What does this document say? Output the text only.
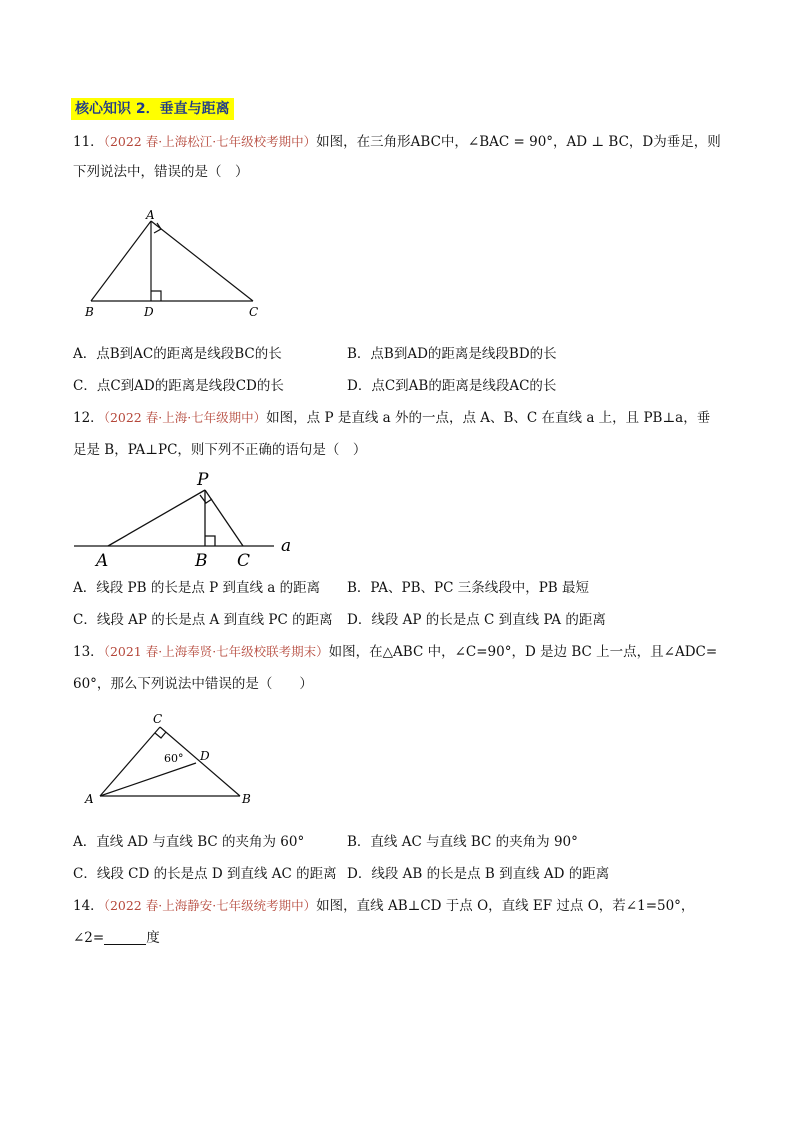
核心知识 2．垂直与距离
11．（2022 春·上海松江·七年级校考期中）如图，在三角形ABC中，∠BAC = 90°，AD ⊥ BC，D为垂足，则
下列说法中，错误的是（　）
A
B	D	C
A．点B到AC的距离是线段BC的长	B．点B到AD的距离是线段BD的长
C．点C到AD的距离是线段CD的长	D．点C到AB的距离是线段AC的长
12．（2022 春·上海·七年级期中）如图，点 P 是直线 a 外的一点，点 A、B、C 在直线 a 上，且 PB⊥a，垂
足是 B，PA⊥PC，则下列不正确的语句是（　）
P
A	B C
a
A．线段 PB 的长是点 P 到直线 a 的距离 B．PA、PB、PC 三条线段中，PB 最短
C．线段 AP 的长是点 A 到直线 PC 的距离 D．线段 AP 的长是点 C 到直线 PA 的距离
13．（2021 春·上海奉贤·七年级校联考期末）如图，在△ABC 中，∠C=90°，D 是边 BC 上一点，且∠ADC=
60°，那么下列说法中错误的是（　　）
C
D
A	B
60°
A．直线 AD 与直线 BC 的夹角为 60°	B．直线 AC 与直线 BC 的夹角为 90°
C．线段 CD 的长是点 D 到直线 AC 的距离 D．线段 AB 的长是点 B 到直线 AD 的距离
14．（2022 春·上海静安·七年级统考期中）如图，直线 AB⊥CD 于点 O，直线 EF 过点 O，若∠1=50°，
∠2=	度
